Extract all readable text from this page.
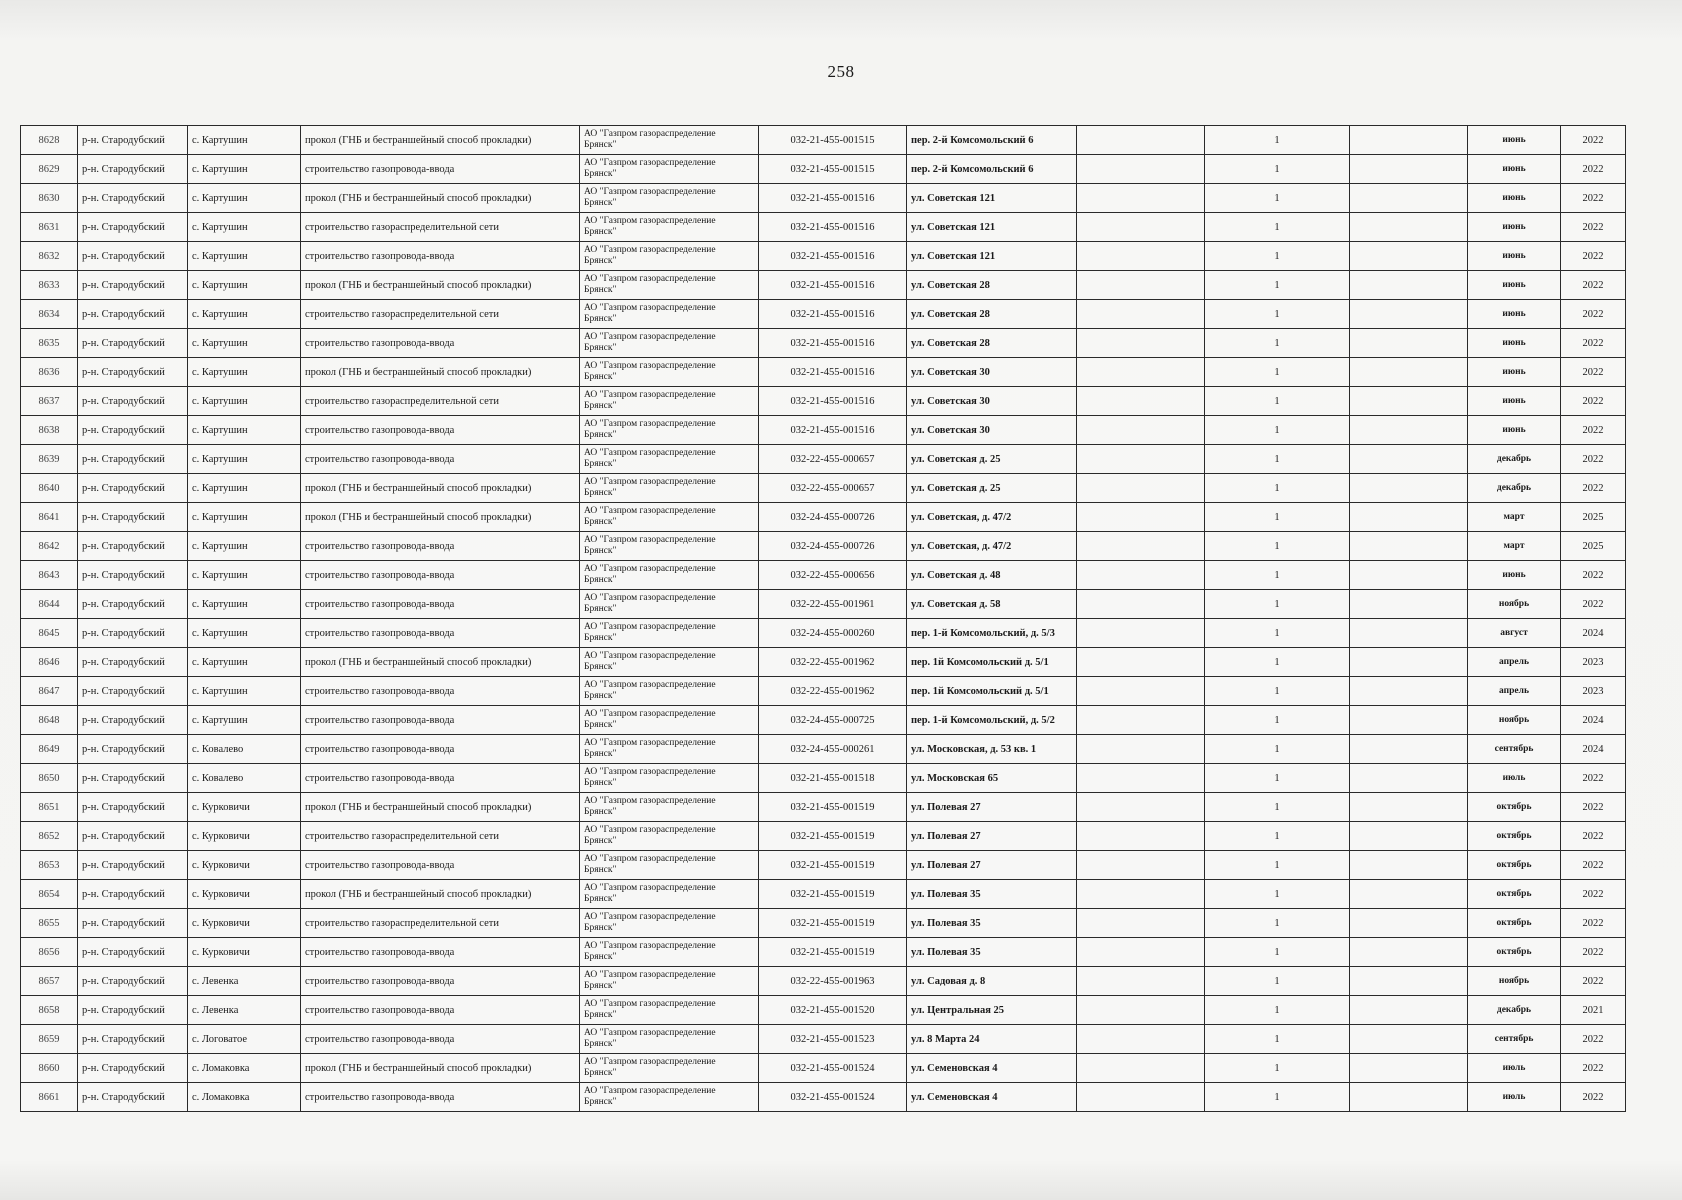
258
8628	р-н. Стародубский	с. Картушин	прокол (ГНБ и бестраншейный способ прокладки)	АО "Газпром газораспределение
Брянск"	032-21-455-001515	пер. 2-й Комсомольский 6		1		июнь	2022
8629	р-н. Стародубский	с. Картушин	строительство газопровода-ввода	АО "Газпром газораспределение
Брянск"	032-21-455-001515	пер. 2-й Комсомольский 6		1		июнь	2022
8630	р-н. Стародубский	с. Картушин	прокол (ГНБ и бестраншейный способ прокладки)	АО "Газпром газораспределение
Брянск"	032-21-455-001516	ул. Советская 121		1		июнь	2022
8631	р-н. Стародубский	с. Картушин	строительство газораспределительной сети	АО "Газпром газораспределение
Брянск"	032-21-455-001516	ул. Советская 121		1		июнь	2022
8632	р-н. Стародубский	с. Картушин	строительство газопровода-ввода	АО "Газпром газораспределение
Брянск"	032-21-455-001516	ул. Советская 121		1		июнь	2022
8633	р-н. Стародубский	с. Картушин	прокол (ГНБ и бестраншейный способ прокладки)	АО "Газпром газораспределение
Брянск"	032-21-455-001516	ул. Советская 28		1		июнь	2022
8634	р-н. Стародубский	с. Картушин	строительство газораспределительной сети	АО "Газпром газораспределение
Брянск"	032-21-455-001516	ул. Советская 28		1		июнь	2022
8635	р-н. Стародубский	с. Картушин	строительство газопровода-ввода	АО "Газпром газораспределение
Брянск"	032-21-455-001516	ул. Советская 28		1		июнь	2022
8636	р-н. Стародубский	с. Картушин	прокол (ГНБ и бестраншейный способ прокладки)	АО "Газпром газораспределение
Брянск"	032-21-455-001516	ул. Советская 30		1		июнь	2022
8637	р-н. Стародубский	с. Картушин	строительство газораспределительной сети	АО "Газпром газораспределение
Брянск"	032-21-455-001516	ул. Советская 30		1		июнь	2022
8638	р-н. Стародубский	с. Картушин	строительство газопровода-ввода	АО "Газпром газораспределение
Брянск"	032-21-455-001516	ул. Советская 30		1		июнь	2022
8639	р-н. Стародубский	с. Картушин	строительство газопровода-ввода	АО "Газпром газораспределение
Брянск"	032-22-455-000657	ул. Советская д. 25		1		декабрь	2022
8640	р-н. Стародубский	с. Картушин	прокол (ГНБ и бестраншейный способ прокладки)	АО "Газпром газораспределение
Брянск"	032-22-455-000657	ул. Советская д. 25		1		декабрь	2022
8641	р-н. Стародубский	с. Картушин	прокол (ГНБ и бестраншейный способ прокладки)	АО "Газпром газораспределение
Брянск"	032-24-455-000726	ул. Советская, д. 47/2		1		март	2025
8642	р-н. Стародубский	с. Картушин	строительство газопровода-ввода	АО "Газпром газораспределение
Брянск"	032-24-455-000726	ул. Советская, д. 47/2		1		март	2025
8643	р-н. Стародубский	с. Картушин	строительство газопровода-ввода	АО "Газпром газораспределение
Брянск"	032-22-455-000656	ул. Советская д. 48		1		июнь	2022
8644	р-н. Стародубский	с. Картушин	строительство газопровода-ввода	АО "Газпром газораспределение
Брянск"	032-22-455-001961	ул. Советская д. 58		1		ноябрь	2022
8645	р-н. Стародубский	с. Картушин	строительство газопровода-ввода	АО "Газпром газораспределение
Брянск"	032-24-455-000260	пер. 1-й Комсомольский, д. 5/3		1		август	2024
8646	р-н. Стародубский	с. Картушин	прокол (ГНБ и бестраншейный способ прокладки)	АО "Газпром газораспределение
Брянск"	032-22-455-001962	пер. 1й Комсомольский д. 5/1		1		апрель	2023
8647	р-н. Стародубский	с. Картушин	строительство газопровода-ввода	АО "Газпром газораспределение
Брянск"	032-22-455-001962	пер. 1й Комсомольский д. 5/1		1		апрель	2023
8648	р-н. Стародубский	с. Картушин	строительство газопровода-ввода	АО "Газпром газораспределение
Брянск"	032-24-455-000725	пер. 1-й Комсомольский, д. 5/2		1		ноябрь	2024
8649	р-н. Стародубский	с. Ковалево	строительство газопровода-ввода	АО "Газпром газораспределение
Брянск"	032-24-455-000261	ул. Московская, д. 53 кв. 1		1		сентябрь	2024
8650	р-н. Стародубский	с. Ковалево	строительство газопровода-ввода	АО "Газпром газораспределение
Брянск"	032-21-455-001518	ул. Московская 65		1		июль	2022
8651	р-н. Стародубский	с. Курковичи	прокол (ГНБ и бестраншейный способ прокладки)	АО "Газпром газораспределение
Брянск"	032-21-455-001519	ул. Полевая 27		1		октябрь	2022
8652	р-н. Стародубский	с. Курковичи	строительство газораспределительной сети	АО "Газпром газораспределение
Брянск"	032-21-455-001519	ул. Полевая 27		1		октябрь	2022
8653	р-н. Стародубский	с. Курковичи	строительство газопровода-ввода	АО "Газпром газораспределение
Брянск"	032-21-455-001519	ул. Полевая 27		1		октябрь	2022
8654	р-н. Стародубский	с. Курковичи	прокол (ГНБ и бестраншейный способ прокладки)	АО "Газпром газораспределение
Брянск"	032-21-455-001519	ул. Полевая 35		1		октябрь	2022
8655	р-н. Стародубский	с. Курковичи	строительство газораспределительной сети	АО "Газпром газораспределение
Брянск"	032-21-455-001519	ул. Полевая 35		1		октябрь	2022
8656	р-н. Стародубский	с. Курковичи	строительство газопровода-ввода	АО "Газпром газораспределение
Брянск"	032-21-455-001519	ул. Полевая 35		1		октябрь	2022
8657	р-н. Стародубский	с. Левенка	строительство газопровода-ввода	АО "Газпром газораспределение
Брянск"	032-22-455-001963	ул. Садовая д. 8		1		ноябрь	2022
8658	р-н. Стародубский	с. Левенка	строительство газопровода-ввода	АО "Газпром газораспределение
Брянск"	032-21-455-001520	ул. Центральная 25		1		декабрь	2021
8659	р-н. Стародубский	с. Логоватое	строительство газопровода-ввода	АО "Газпром газораспределение
Брянск"	032-21-455-001523	ул. 8 Марта 24		1		сентябрь	2022
8660	р-н. Стародубский	с. Ломаковка	прокол (ГНБ и бестраншейный способ прокладки)	АО "Газпром газораспределение
Брянск"	032-21-455-001524	ул. Семеновская 4		1		июль	2022
8661	р-н. Стародубский	с. Ломаковка	строительство газопровода-ввода	АО "Газпром газораспределение
Брянск"	032-21-455-001524	ул. Семеновская 4		1		июль	2022
